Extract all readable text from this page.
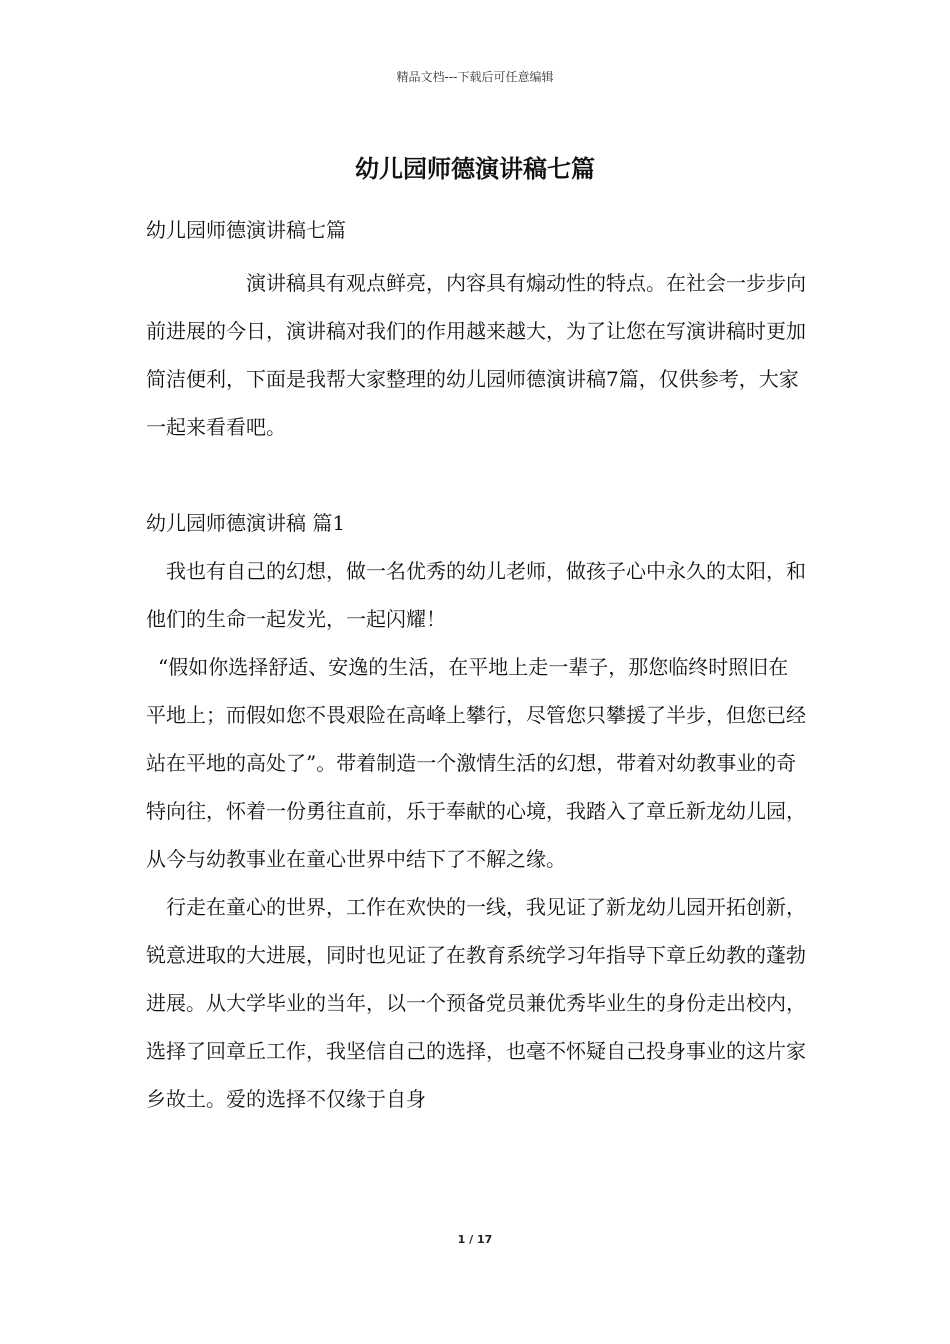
精品文档---下载后可任意编辑
幼儿园师德演讲稿七篇

幼儿园师德演讲稿七篇

演讲稿具有观点鲜亮，内容具有煽动性的特点。在社会一步步向前进展的今日，演讲稿对我们的作用越来越大，为了让您在写演讲稿时更加简洁便利，下面是我帮大家整理的幼儿园师德演讲稿7篇，仅供参考，大家一起来看看吧。

幼儿园师德演讲稿 篇1

我也有自己的幻想，做一名优秀的幼儿老师，做孩子心中永久的太阳，和他们的生命一起发光，一起闪耀！

“假如你选择舒适、安逸的生活，在平地上走一辈子，那您临终时照旧在平地上；而假如您不畏艰险在高峰上攀行，尽管您只攀援了半步，但您已经站在平地的高处了”。带着制造一个激情生活的幻想，带着对幼教事业的奇特向往，怀着一份勇往直前，乐于奉献的心境，我踏入了章丘新龙幼儿园，从今与幼教事业在童心世界中结下了不解之缘。

行走在童心的世界，工作在欢快的一线，我见证了新龙幼儿园开拓创新，锐意进取的大进展，同时也见证了在教育系统学习年指导下章丘幼教的蓬勃进展。从大学毕业的当年，以一个预备党员兼优秀毕业生的身份走出校内，选择了回章丘工作，我坚信自己的选择，也毫不怀疑自己投身事业的这片家乡故土。爱的选择不仅缘于自身

1 / 17
